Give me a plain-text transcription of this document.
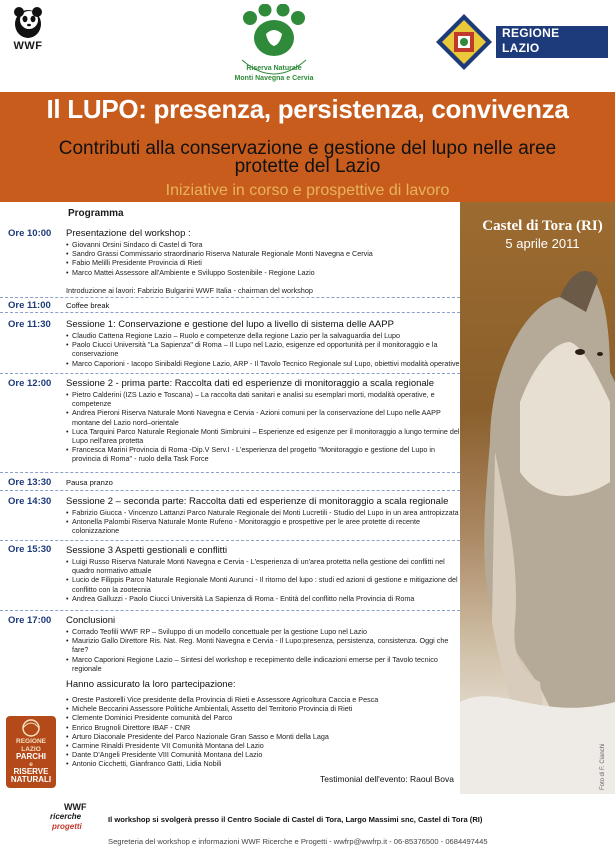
WWF
Riserva Naturale
Monti Navegna e Cervia
REGIONE
LAZIO
Il LUPO: presenza, persistenza, convivenza
Contributi alla conservazione e gestione del lupo nelle aree protette del Lazio
Iniziative in corso e prospettive di lavoro
Castel di Tora (RI)
5 aprile 2011
Foto di F. Cianchi
Programma
Ore 10:00 Presentazione del workshop :
• Giovanni Orsini Sindaco di Castel di Tora
• Sandro Grassi Commissario straordinario Riserva Naturale Regionale Monti Navegna e Cervia
• Fabio Melilli Presidente Provincia di Rieti
• Marco Mattei Assessore all'Ambiente e Sviluppo Sostenibile - Regione Lazio
Introduzione ai lavori: Fabrizio Bulgarini WWF Italia - chairman del workshop
Ore 11:00 Coffee break
Ore 11:30 Sessione 1: Conservazione e gestione del lupo a livello di sistema delle AAPP
• Claudio Cattena Regione Lazio – Ruolo e competenze della regione Lazio per la salvaguardia del Lupo
• Paolo Ciucci Università "La Sapienza" di Roma – Il Lupo nel Lazio, esigenze ed opportunità per il monitoraggio e la conservazione
• Marco Caporioni - Iacopo Sinibaldi Regione Lazio, ARP - Il Tavolo Tecnico Regionale sul Lupo, obiettivi modalità operative
Ore 12:00 Sessione 2 - prima parte: Raccolta dati ed esperienze di monitoraggio a scala regionale
• Pietro Calderini (IZS Lazio e Toscana) – La raccolta dati sanitari e analisi su esemplari morti, modalità operative, e competenze
• Andrea Pieroni Riserva Naturale Monti Navegna e Cervia - Azioni comuni per la conservazione del Lupo nelle AAPP montane del Lazio nord–orientale
• Luca Tarquini Parco Naturale Regionale Monti Simbruini – Esperienze ed esigenze per il monitoraggio a lungo termine del Lupo nell'area protetta
• Francesca Marini Provincia di Roma -Dip.V Serv.I - L'esperienza del progetto "Monitoraggio e gestione del Lupo in provincia di Roma" - ruolo della Task Force
Ore 13:30 Pausa pranzo
Ore 14:30 Sessione 2 – seconda parte: Raccolta dati ed esperienze di monitoraggio a scala regionale
• Fabrizio Giucca - Vincenzo Lattanzi Parco Naturale Regionale dei Monti Lucretili - Studio del Lupo in un area antropizzata
• Antonella Palombi Riserva Naturale Monte Rufeno - Monitoraggio e prospettive per le aree protette di recente colonizzazione
Ore 15:30 Sessione 3 Aspetti gestionali e conflitti
• Luigi Russo Riserva Naturale Monti Navegna e Cervia - L'esperienza di un'area protetta nella gestione dei conflitti nel quadro normativo attuale
• Lucio de Filippis Parco Naturale Regionale Monti Aurunci - Il ritorno del lupo : studi ed azioni di gestione e mitigazione del conflitto con la zootecnia
• Andrea Galluzzi - Paolo Ciucci Università La Sapienza di Roma - Entità del conflitto nella Provincia di Roma
Ore 17:00 Conclusioni
• Corrado Teofili WWF RP – Sviluppo di un modello concettuale per la gestione Lupo nel Lazio
• Maurizio Gallo Direttore Ris. Nat. Reg. Monti Navegna e Cervia - Il Lupo:presenza, persistenza, consistenza. Oggi che fare?
• Marco Caporioni Regione Lazio – Sintesi del workshop e recepimento delle indicazioni emerse per il Tavolo tecnico regionale
Hanno assicurato la loro partecipazione:
• Oreste Pastorelli Vice presidente della Provincia di Rieti e Assessore Agricoltura Caccia e Pesca
• Michele Beccarini Assessore Politiche Ambientali, Assetto del Territorio Provincia di Rieti
• Clemente Dominici Presidente comunità del Parco
• Enrico Brugnoli Direttore IBAF - CNR
• Arturo Diaconale Presidente del Parco Nazionale Gran Sasso e Monti della Laga
• Carmine Rinaldi Presidente VII Comunità Montana del Lazio
• Dante D'Angeli Presidente VIII Comunità Montana del Lazio
• Antonio Cicchetti, Gianfranco Gatti, Lidia Nobili
Testimonial dell'evento: Raoul Bova
REGIONE LAZIO
PARCHI
e
RISERVE
NATURALI
WWF
ricerche
progetti
Il workshop si svolgerà presso il Centro Sociale di Castel di Tora, Largo Massimi snc, Castel di Tora (RI)
Segreteria del workshop e informazioni WWF Ricerche e Progetti - wwfrp@wwfrp.it - 06-85376500 - 0684497445
